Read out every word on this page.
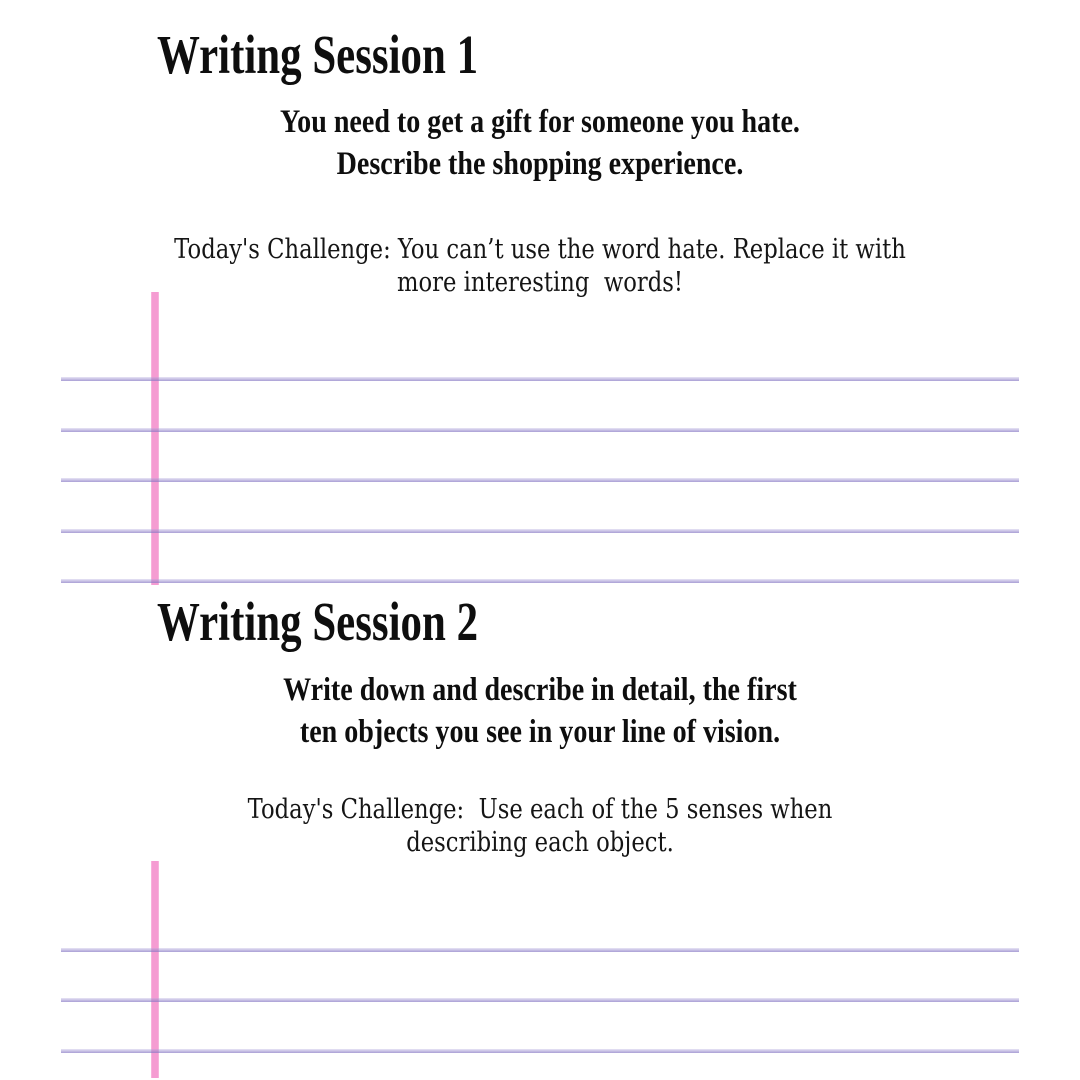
Writing Session 1
You need to get a gift for someone you hate.
Describe the shopping experience.
Today's Challenge: You can’t use the word hate. Replace it with
more interesting  words!
Writing Session 2
Write down and describe in detail, the first
ten objects you see in your line of vision.
Today's Challenge:  Use each of the 5 senses when
describing each object.
